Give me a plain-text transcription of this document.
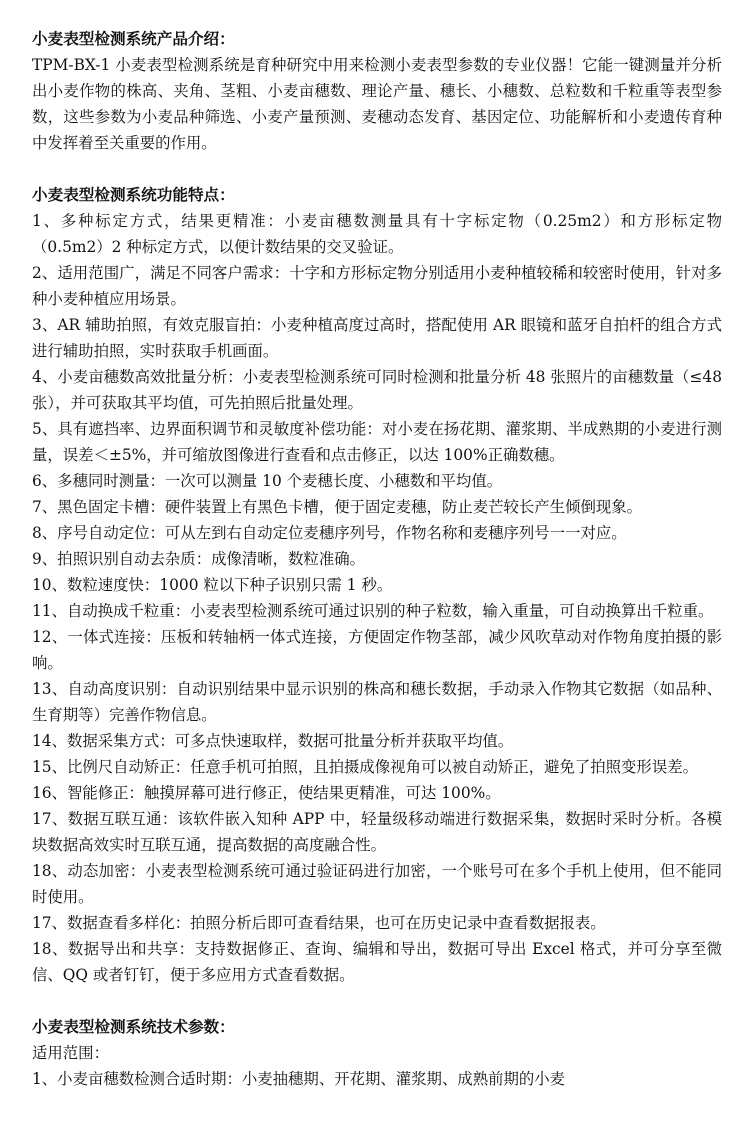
小麦表型检测系统产品介绍：

TPM-BX-1 小麦表型检测系统是育种研究中用来检测小麦表型参数的专业仪器！它能一键测量并分析出小麦作物的株高、夹角、茎粗、小麦亩穗数、理论产量、穗长、小穗数、总粒数和千粒重等表型参数，这些参数为小麦品种筛选、小麦产量预测、麦穗动态发育、基因定位、功能解析和小麦遗传育种中发挥着至关重要的作用。

小麦表型检测系统功能特点：

1、多种标定方式，结果更精准：小麦亩穗数测量具有十字标定物（0.25m2）和方形标定物（0.5m2）2 种标定方式，以便计数结果的交叉验证。

2、适用范围广，满足不同客户需求：十字和方形标定物分别适用小麦种植较稀和较密时使用，针对多种小麦种植应用场景。

3、AR 辅助拍照，有效克服盲拍：小麦种植高度过高时，搭配使用 AR 眼镜和蓝牙自拍杆的组合方式进行辅助拍照，实时获取手机画面。

4、小麦亩穗数高效批量分析：小麦表型检测系统可同时检测和批量分析 48 张照片的亩穗数量（≤48 张），并可获取其平均值，可先拍照后批量处理。

5、具有遮挡率、边界面积调节和灵敏度补偿功能：对小麦在扬花期、灌浆期、半成熟期的小麦进行测量，误差＜±5%，并可缩放图像进行查看和点击修正，以达 100%正确数穗。

6、多穗同时测量：一次可以测量 10 个麦穗长度、小穗数和平均值。

7、黑色固定卡槽：硬件装置上有黑色卡槽，便于固定麦穗，防止麦芒较长产生倾倒现象。

8、序号自动定位：可从左到右自动定位麦穗序列号，作物名称和麦穗序列号一一对应。

9、拍照识别自动去杂质：成像清晰，数粒准确。

10、数粒速度快：1000 粒以下种子识别只需 1 秒。

11、自动换成千粒重：小麦表型检测系统可通过识别的种子粒数，输入重量，可自动换算出千粒重。

12、一体式连接：压板和转轴柄一体式连接，方便固定作物茎部，减少风吹草动对作物角度拍摄的影响。

13、自动高度识别：自动识别结果中显示识别的株高和穗长数据，手动录入作物其它数据（如品种、生育期等）完善作物信息。

14、数据采集方式：可多点快速取样，数据可批量分析并获取平均值。

15、比例尺自动矫正：任意手机可拍照，且拍摄成像视角可以被自动矫正，避免了拍照变形误差。

16、智能修正：触摸屏幕可进行修正，使结果更精准，可达 100%。

17、数据互联互通：该软件嵌入知种 APP 中，轻量级移动端进行数据采集，数据时采时分析。各模块数据高效实时互联互通，提高数据的高度融合性。

18、动态加密：小麦表型检测系统可通过验证码进行加密，一个账号可在多个手机上使用，但不能同时使用。

17、数据查看多样化：拍照分析后即可查看结果，也可在历史记录中查看数据报表。

18、数据导出和共享：支持数据修正、查询、编辑和导出，数据可导出 Excel 格式，并可分享至微信、QQ 或者钉钉，便于多应用方式查看数据。

小麦表型检测系统技术参数：

适用范围：

1、小麦亩穗数检测合适时期：小麦抽穗期、开花期、灌浆期、成熟前期的小麦
